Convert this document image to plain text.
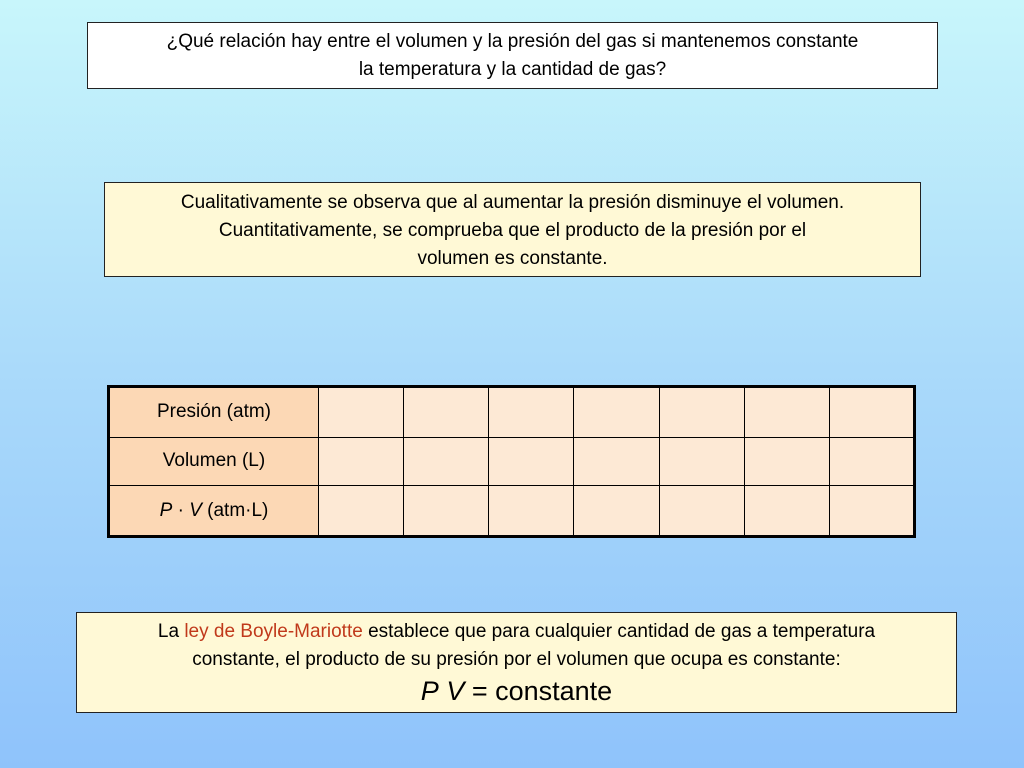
¿Qué relación hay entre el volumen y la presión del gas si mantenemos constante
la temperatura y la cantidad de gas?
Cualitativamente se observa que al aumentar la presión disminuye el volumen.
Cuantitativamente, se comprueba que el producto de la presión por el
volumen es constante.
Presión (atm)							
Volumen (L)							
P · V (atm·L)							
La ley de Boyle-Mariotte establece que para cualquier cantidad de gas a temperatura
constante, el producto de su presión por el volumen que ocupa es constante:
P V = constante
